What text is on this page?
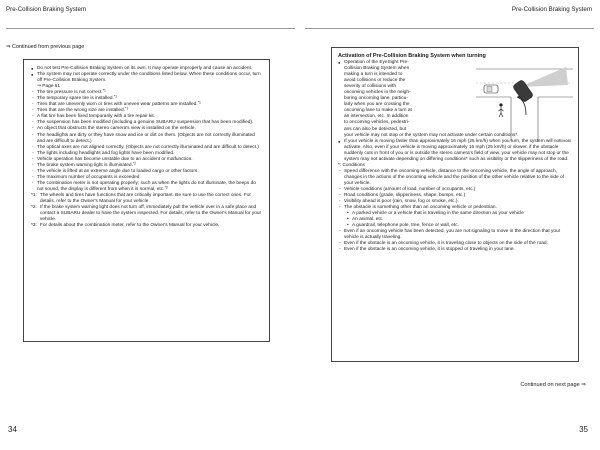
Pre-Collision Braking System	Pre-Collision Braking System
⇒ Continued from previous page

● Do not test Pre-Collision Braking System on its own. It may operate improperly and cause an accident.

● The system may not operate correctly under the conditions listed below. When these conditions occur, turn off Pre-Collision Braking System.

⇒ Page 61

- The tire pressure is not correct.$^{*1}$

- The temporary spare tire is installed.$^{*1}$

- Tires that are unevenly worn or tires with uneven wear patterns are installed.$^{*1}$

- Tires that are the wrong size are installed.$^{*1}$

- A flat tire has been fixed temporarily with a tire repair kit.

- The suspension has been modified (including a genuine SUBARU suspension that has been modified).

- An object that obstructs the stereo camera's view is installed on the vehicle.

- The headlights are dirty or they have snow and ice or dirt on them. (Objects are not correctly illuminated and are difficult to detect.)

- The optical axes are not aligned correctly. (Objects are not correctly illuminated and are difficult to detect.)

- The lights including headlights and fog lights have been modified.

- Vehicle operation has become unstable due to an accident or malfunction.

- The brake system warning light is illuminated.$^{*2}$

- The vehicle is lifted at an extreme angle due to loaded cargo or other factors.

- The maximum number of occupants is exceeded.

- The combination meter is not operating properly; such as when the lights do not illuminate, the beeps do not sound, the display is different from when it is normal, etc.$^{*3}$

*1: The wheels and tires have functions that are critically important. Be sure to use the correct ones. For details, refer to the Owner's Manual for your vehicle.

*2: If the brake system warning light does not turn off, immediately pull the vehicle over in a safe place and contact a SUBARU dealer to have the system inspected. For details, refer to the Owner's Manual for your vehicle.

*3: For details about the combination meter, refer to the Owner's Manual for your vehicle.

Activation of Pre-Collision Braking System when turning

● Operation of the EyeSight Pre-
Collision Braking System when
making a turn is intended to
avoid collisions or reduce the
severity of collisions with
oncoming vehicles in the neigh-
boring oncoming lane, particu-
larly when you are crossing the
oncoming lane to make a turn at
an intersection, etc. In addition
to oncoming vehicles, pedestri-
ans can also be detected, but
your vehicle may not stop or the system may not activate under certain conditions*.

● If your vehicle is moving faster than approximately 16 mph (25 km/h) when you turn, the system will not activate. Also, even if your vehicle is moving approximately 16 mph (25 km/h) or slower, if the obstacle suddenly cuts in front of you or is outside the stereo camera's field of view, your vehicle may not stop or the system may not activate depending on differing conditions* such as visibility or the slipperiness of the road.

*: Conditions

- Speed difference with the oncoming vehicle, distance to the oncoming vehicle, the angle of approach, changes in the actions of the oncoming vehicle and the position of the other vehicle relative to the side of your vehicle.

- Vehicle conditions (amount of load, number of occupants, etc.)

- Road conditions (grade, slipperiness, shape, bumps, etc.)

- Visibility ahead is poor (rain, snow, fog or smoke, etc.).

- The obstacle is something other than an oncoming vehicle or pedestrian.

• A parked vehicle or a vehicle that is traveling in the same direction as your vehicle

• An animal, etc.

• A guardrail, telephone pole, tree, fence or wall, etc.

- Even if an oncoming vehicle has been detected, you are not signaling to move in the direction that your vehicle is actually traveling.

- Even if the obstacle is an oncoming vehicle, it is traveling close to objects on the side of the road.

- Even if the obstacle is an oncoming vehicle, it is stopped or traveling in your lane.

S04088
Continued on next page ⇒
34	35
